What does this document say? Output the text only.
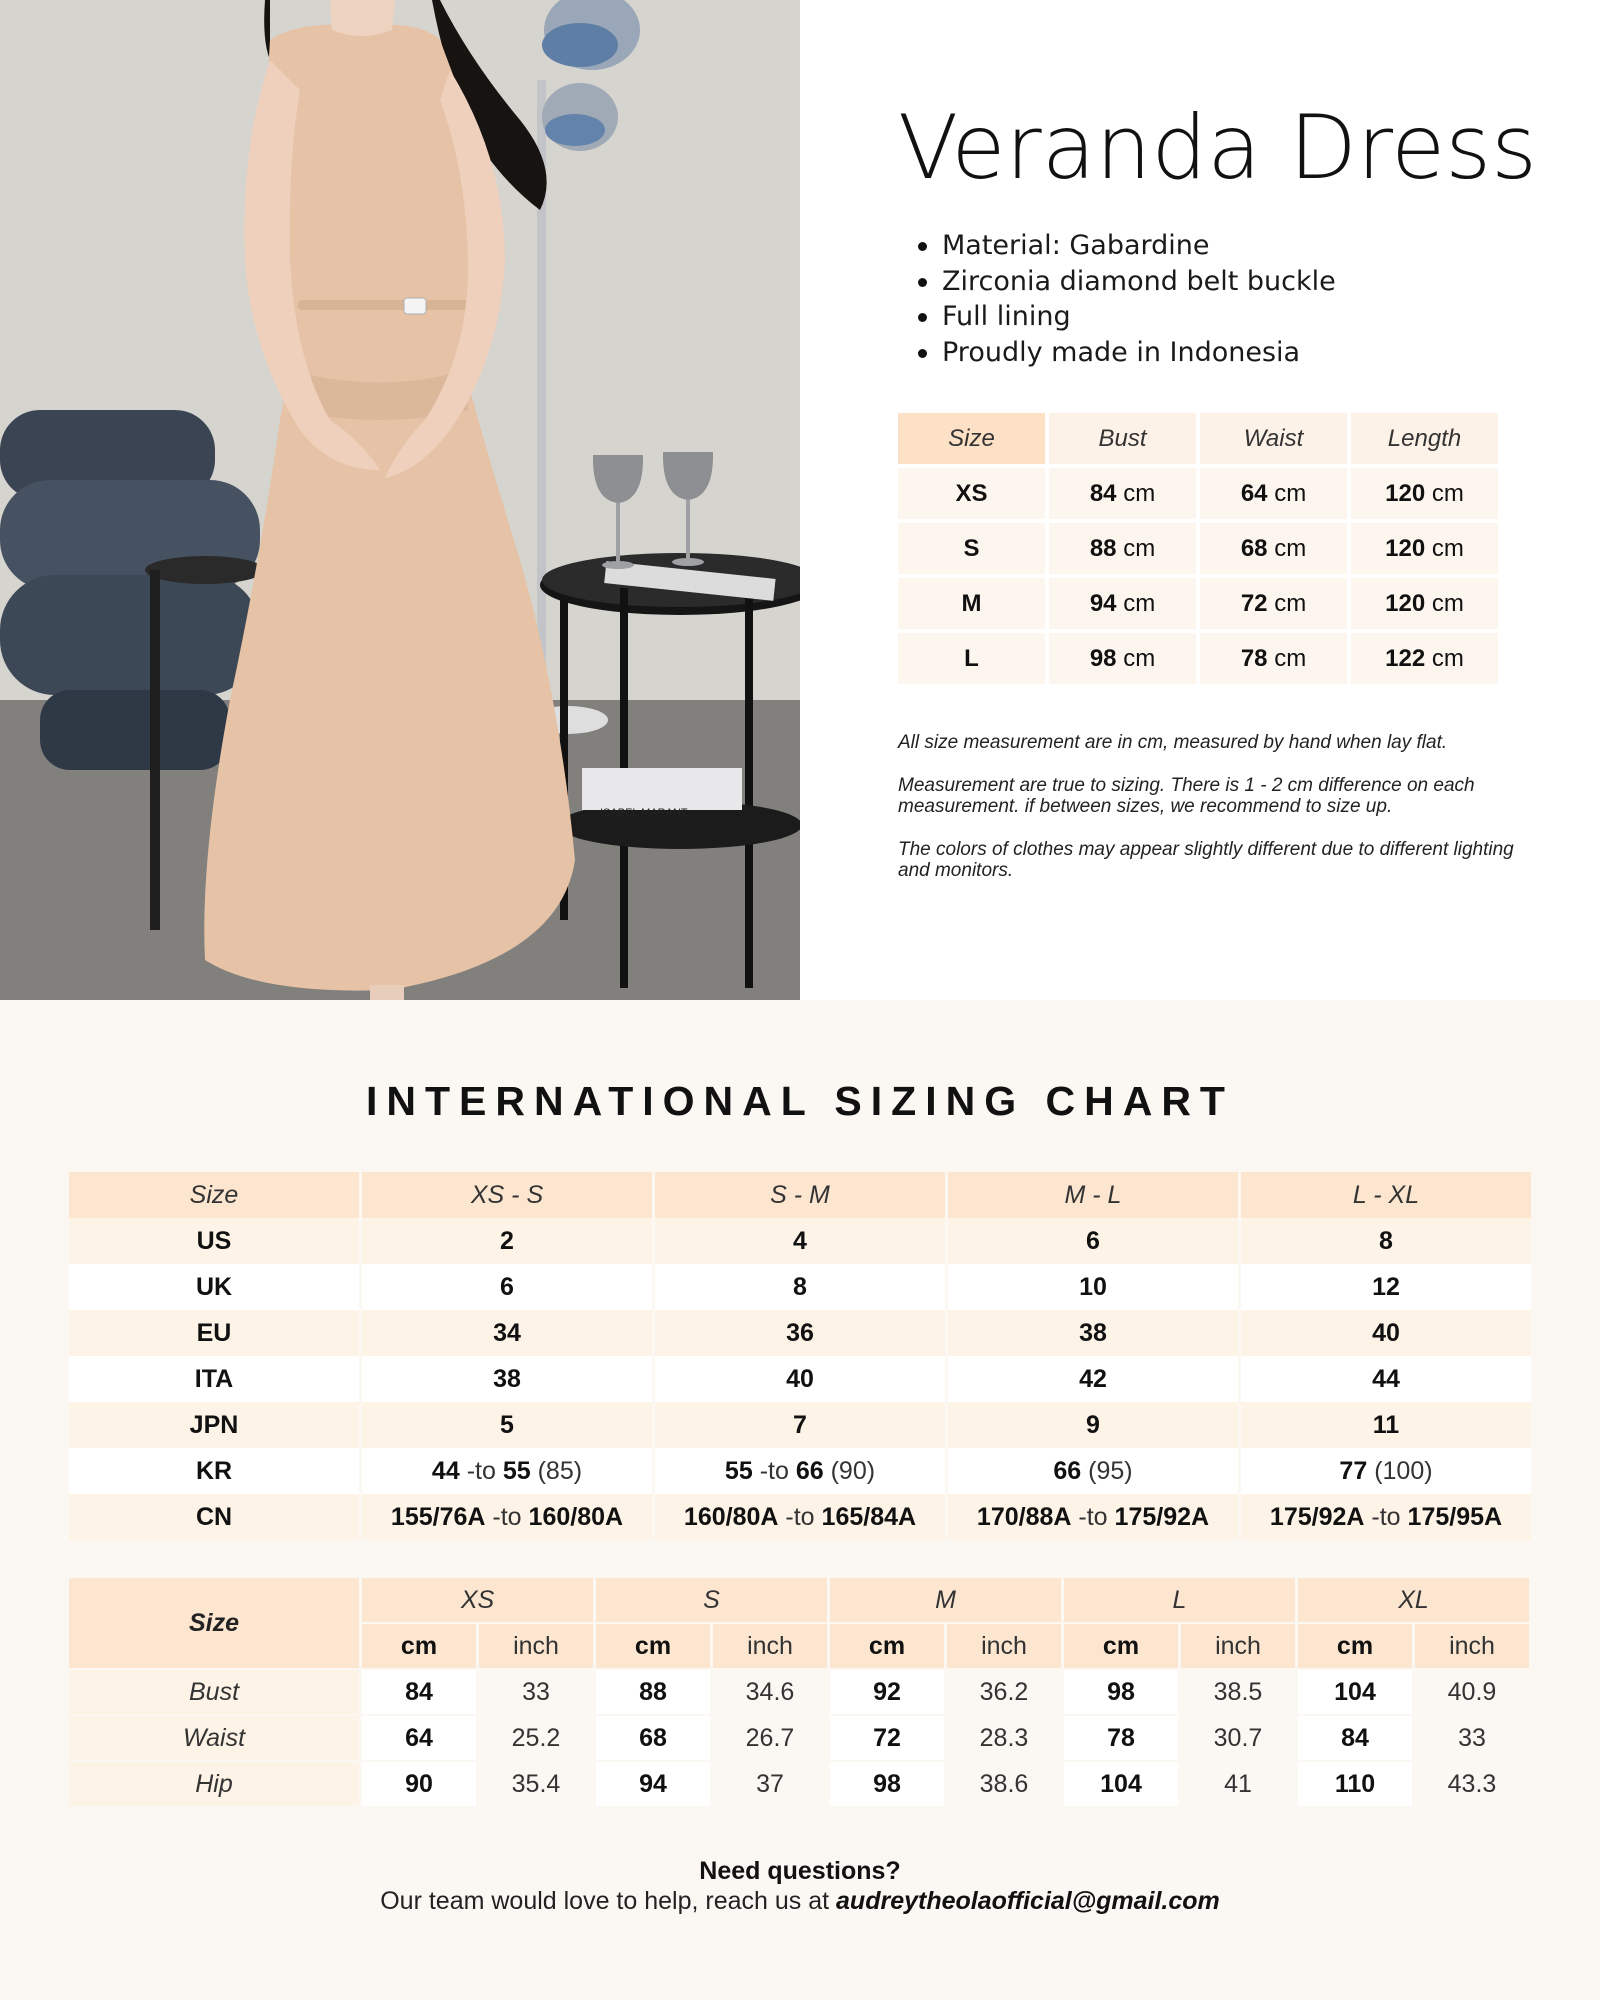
ISABEL MARANT
Veranda Dress
Material: Gabardine
Zirconia diamond belt buckle
Full lining
Proudly made in Indonesia
Size	Bust	Waist	Length
XS	84 cm	64 cm	120 cm
S	88 cm	68 cm	120 cm
M	94 cm	72 cm	120 cm
L	98 cm	78 cm	122 cm

All size measurement are in cm, measured by hand when lay flat.

Measurement are true to sizing. There is 1 - 2 cm difference on each measurement. if between sizes, we recommend to size up.

The colors of clothes may appear slightly different due to different lighting and monitors.

INTERNATIONAL SIZING CHART
Size	XS - S	S - M	M - L	L - XL
US	2	4	6	8
UK	6	8	10	12
EU	34	36	38	40
ITA	38	40	42	44
JPN	5	7	9	11
KR	44 -to 55 (85)	55 -to 66 (90)	66 (95)	77 (100)
CN	155/76A -to 160/80A	160/80A -to 165/84A	170/88A -to 175/92A	175/92A -to 175/95A
Size	XS		S		M		L		XL	
	cm	inch	cm	inch	cm	inch	cm	inch	cm	inch
Bust	84	33	88	34.6	92	36.2	98	38.5	104	40.9
Waist	64	25.2	68	26.7	72	28.3	78	30.7	84	33
Hip	90	35.4	94	37	98	38.6	104	41	110	43.3
Need questions?
Our team would love to help, reach us at audreytheolaofficial@gmail.com
